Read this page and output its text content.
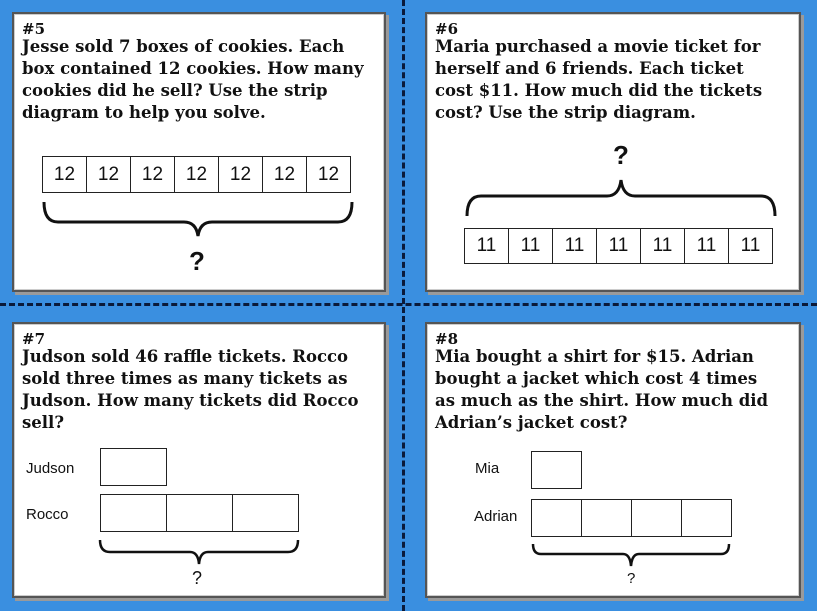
#5
Jesse sold 7 boxes of cookies. Each
box contained 12 cookies. How many
cookies did he sell? Use the strip
diagram to help you solve.
12	12	12	12	12	12	12
?
#6
Maria purchased a movie ticket for
herself and 6 friends. Each ticket
cost $11. How much did the tickets
cost? Use the strip diagram.
?
11	11	11	11	11	11	11
#7
Judson sold 46 raffle tickets. Rocco
sold three times as many tickets as
Judson. How many tickets did Rocco
sell?
Judson
Rocco
?
#8
Mia bought a shirt for $15. Adrian
bought a jacket which cost 4 times
as much as the shirt. How much did
Adrian’s jacket cost?
Mia
Adrian
?
